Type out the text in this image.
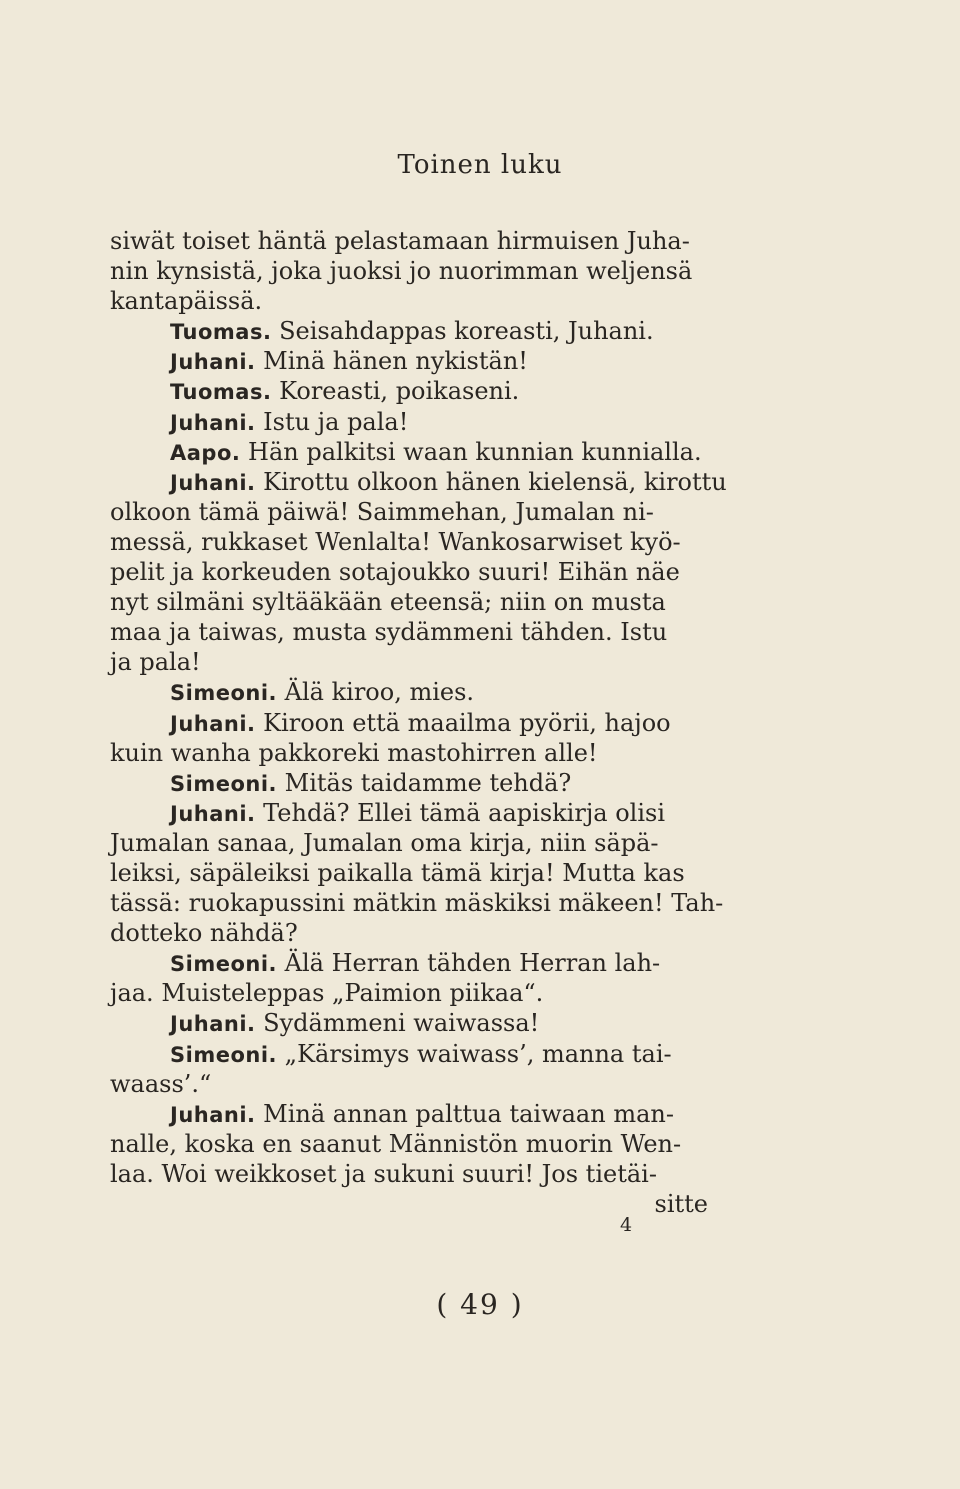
Toinen luku
siwät toiset häntä pelastamaan hirmuisen Juha-
nin kynsistä, joka juoksi jo nuorimman weljensä
kantapäissä.
Tuomas. Seisahdappas koreasti, Juhani.
Juhani. Minä hänen nykistän!
Tuomas. Koreasti, poikaseni.
Juhani. Istu ja pala!
Aapo. Hän palkitsi waan kunnian kunnialla.
Juhani. Kirottu olkoon hänen kielensä, kirottu
olkoon tämä päiwä! Saimmehan, Jumalan ni-
messä, rukkaset Wenlalta! Wankosarwiset kyö-
pelit ja korkeuden sotajoukko suuri! Eihän näe
nyt silmäni syltääkään eteensä; niin on musta
maa ja taiwas, musta sydämmeni tähden. Istu
ja pala!
Simeoni. Älä kiroo, mies.
Juhani. Kiroon että maailma pyörii, hajoo
kuin wanha pakkoreki mastohirren alle!
Simeoni. Mitäs taidamme tehdä?
Juhani. Tehdä? Ellei tämä aapiskirja olisi
Jumalan sanaa, Jumalan oma kirja, niin säpä-
leiksi, säpäleiksi paikalla tämä kirja! Mutta kas
tässä: ruokapussini mätkin mäskiksi mäkeen! Tah-
dotteko nähdä?
Simeoni. Älä Herran tähden Herran lah-
jaa. Muisteleppas „Paimion piikaa“.
Juhani. Sydämmeni waiwassa!
Simeoni. „Kärsimys waiwass’, manna tai-
waass’.“
Juhani. Minä annan palttua taiwaan man-
nalle, koska en saanut Männistön muorin Wen-
laa. Woi weikkoset ja sukuni suuri! Jos tietäi-
sitte
4
( 49 )
